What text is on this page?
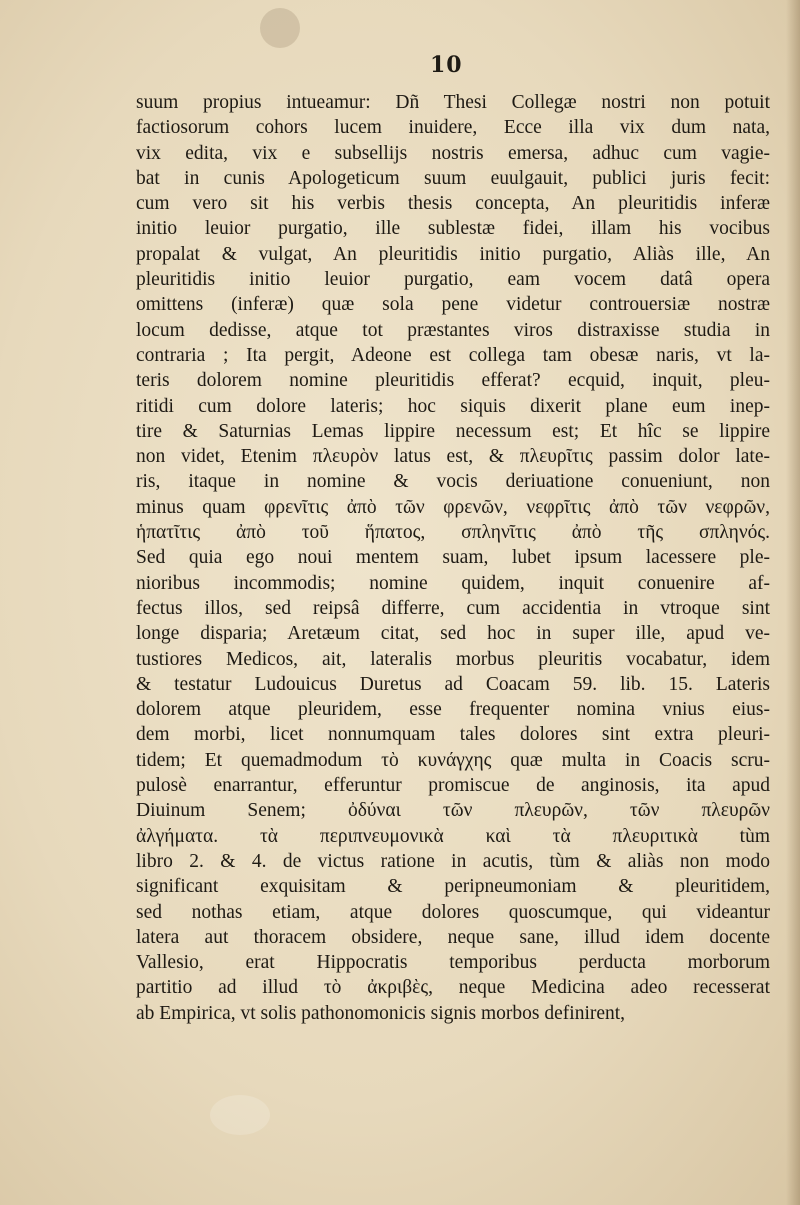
10
suum propius intueamur: Dñ Thesi Collegæ nostri non potuit
factiosorum cohors lucem inuidere, Ecce illa vix dum nata,
vix edita, vix e subsellijs nostris emersa, adhuc cum vagie-
bat in cunis Apologeticum suum euulgauit, publici juris fecit:
cum vero sit his verbis thesis concepta, An pleuritidis inferæ
initio leuior purgatio, ille sublestæ fidei, illam his vocibus
propalat & vulgat, An pleuritidis initio purgatio, Aliàs ille, An
pleuritidis initio leuior purgatio, eam vocem datâ opera
omittens (inferæ) quæ sola pene videtur controuersiæ nostræ
locum dedisse, atque tot præstantes viros distraxisse studia in
contraria ; Ita pergit, Adeone est collega tam obesæ naris, vt la-
teris dolorem nomine pleuritidis efferat? ecquid, inquit, pleu-
ritidi cum dolore lateris; hoc siquis dixerit plane eum inep-
tire & Saturnias Lemas lippire necessum est; Et hîc se lippire
non videt, Etenim πλευρὸν latus est, & πλευρῖτις passim dolor late-
ris, itaque in nomine & vocis deriuatione conueniunt, non
minus quam φρενῖτις ἀπὸ τῶν φρενῶν, νεφρῖτις ἀπὸ τῶν νεφρῶν,
ἡπατῖτις ἀπὸ τοῦ ἥπατος, σπληνῖτις ἀπὸ τῆς σπληνός.
Sed quia ego noui mentem suam, lubet ipsum lacessere ple-
nioribus incommodis; nomine quidem, inquit conuenire af-
fectus illos, sed reipsâ differre, cum accidentia in vtroque sint
longe disparia; Aretæum citat, sed hoc in super ille, apud ve-
tustiores Medicos, ait, lateralis morbus pleuritis vocabatur, idem
& testatur Ludouicus Duretus ad Coacam 59. lib. 15. Lateris
dolorem atque pleuridem, esse frequenter nomina vnius eius-
dem morbi, licet nonnumquam tales dolores sint extra pleuri-
tidem; Et quemadmodum τὸ κυνάγχης quæ multa in Coacis scru-
pulosè enarrantur, efferuntur promiscue de anginosis, ita apud
Diuinum Senem; ὀδύναι τῶν πλευρῶν, τῶν πλευρῶν
ἀλγήματα. τὰ περιπνευμονικὰ καὶ τὰ πλευριτικὰ tùm
libro 2. & 4. de victus ratione in acutis, tùm & aliàs non modo
significant exquisitam & peripneumoniam & pleuritidem,
sed nothas etiam, atque dolores quoscumque, qui videantur
latera aut thoracem obsidere, neque sane, illud idem docente
Vallesio, erat Hippocratis temporibus perducta morborum
partitio ad illud τὸ ἀκριβὲς, neque Medicina adeo recesserat
ab Empirica, vt solis pathonomonicis signis morbos definirent,
